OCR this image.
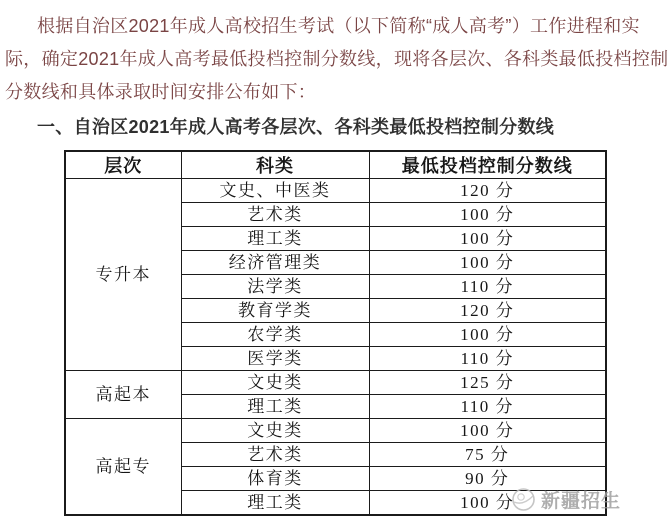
根据自治区2021年成人高校招生考试（以下简称“成人高考”）工作进程和实
际，确定2021年成人高考最低投档控制分数线，现将各层次、各科类最低投档控制
分数线和具体录取时间安排公布如下：
一、自治区2021年成人高考各层次、各科类最低投档控制分数线
层次	科类	最低投档控制分数线
专升本	文史、中医类	120 分
	艺术类	100 分
	理工类	100 分
	经济管理类	100 分
	法学类	110 分
	教育学类	120 分
	农学类	100 分
	医学类	110 分
高起本	文史类	125 分
	理工类	110 分
高起专	文史类	100 分
	艺术类	75 分
	体育类	90 分
	理工类	100 分 新疆招生
